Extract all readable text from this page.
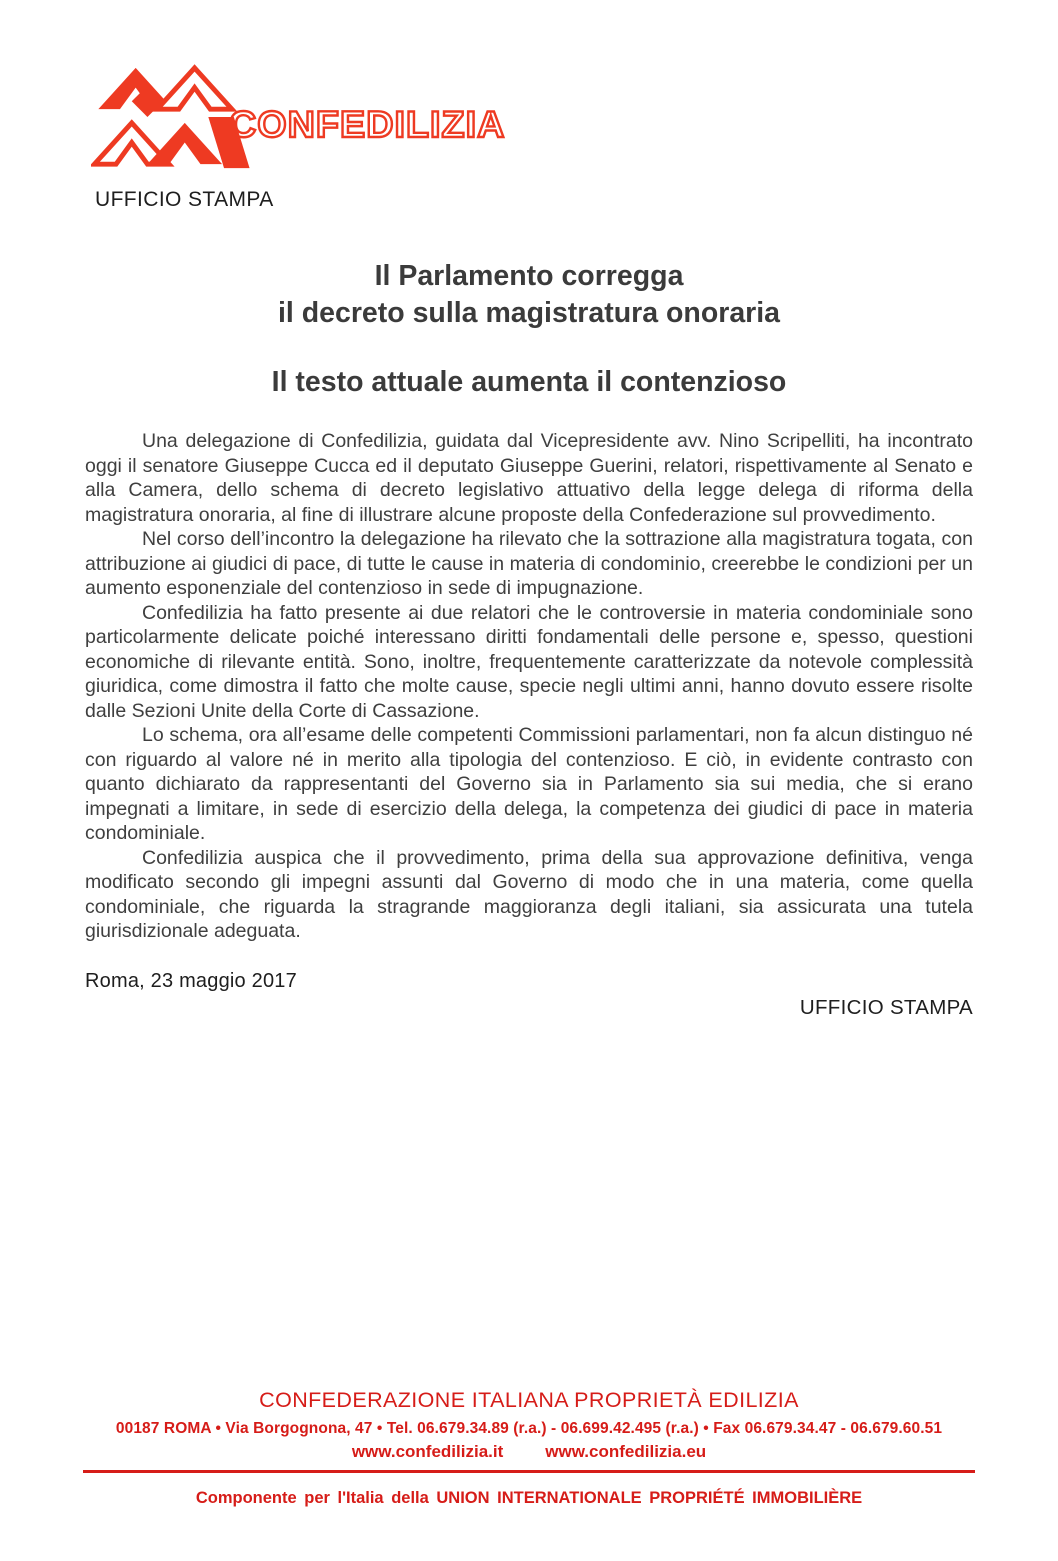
CONFEDILIZIA
UFFICIO STAMPA
Il Parlamento corregga
il decreto sulla magistratura onoraria
Il testo attuale aumenta il contenzioso

Una delegazione di Confedilizia, guidata dal Vicepresidente avv. Nino Scripelliti, ha incontrato oggi il senatore Giuseppe Cucca ed il deputato Giuseppe Guerini, relatori, rispettivamente al Senato e alla Camera, dello schema di decreto legislativo attuativo della legge delega di riforma della magistratura onoraria, al fine di illustrare alcune proposte della Confederazione sul provvedimento.

Nel corso dell’incontro la delegazione ha rilevato che la sottrazione alla magistratura togata, con attribuzione ai giudici di pace, di tutte le cause in materia di condominio, creerebbe le condizioni per un aumento esponenziale del contenzioso in sede di impugnazione.

Confedilizia ha fatto presente ai due relatori che le controversie in materia condominiale sono particolarmente delicate poiché interessano diritti fondamentali delle persone e, spesso, questioni economiche di rilevante entità. Sono, inoltre, frequentemente caratterizzate da notevole complessità giuridica, come dimostra il fatto che molte cause, specie negli ultimi anni, hanno dovuto essere risolte dalle Sezioni Unite della Corte di Cassazione.

Lo schema, ora all’esame delle competenti Commissioni parlamentari, non fa alcun distinguo né con riguardo al valore né in merito alla tipologia del contenzioso. E ciò, in evidente contrasto con quanto dichiarato da rappresentanti del Governo sia in Parlamento sia sui media, che si erano impegnati a limitare, in sede di esercizio della delega, la competenza dei giudici di pace in materia condominiale.

Confedilizia auspica che il provvedimento, prima della sua approvazione definitiva, venga modificato secondo gli impegni assunti dal Governo di modo che in una materia, come quella condominiale, che riguarda la stragrande maggioranza degli italiani, sia assicurata una tutela giurisdizionale adeguata.

Roma, 23 maggio 2017
UFFICIO STAMPA
CONFEDERAZIONE ITALIANA PROPRIETÀ EDILIZIA
00187 ROMA • Via Borgognona, 47 • Tel. 06.679.34.89 (r.a.) - 06.699.42.495 (r.a.) • Fax 06.679.34.47 - 06.679.60.51
www.confedilizia.it www.confedilizia.eu
Componente per l'Italia della UNION INTERNATIONALE PROPRIÉTÉ IMMOBILIÈRE
